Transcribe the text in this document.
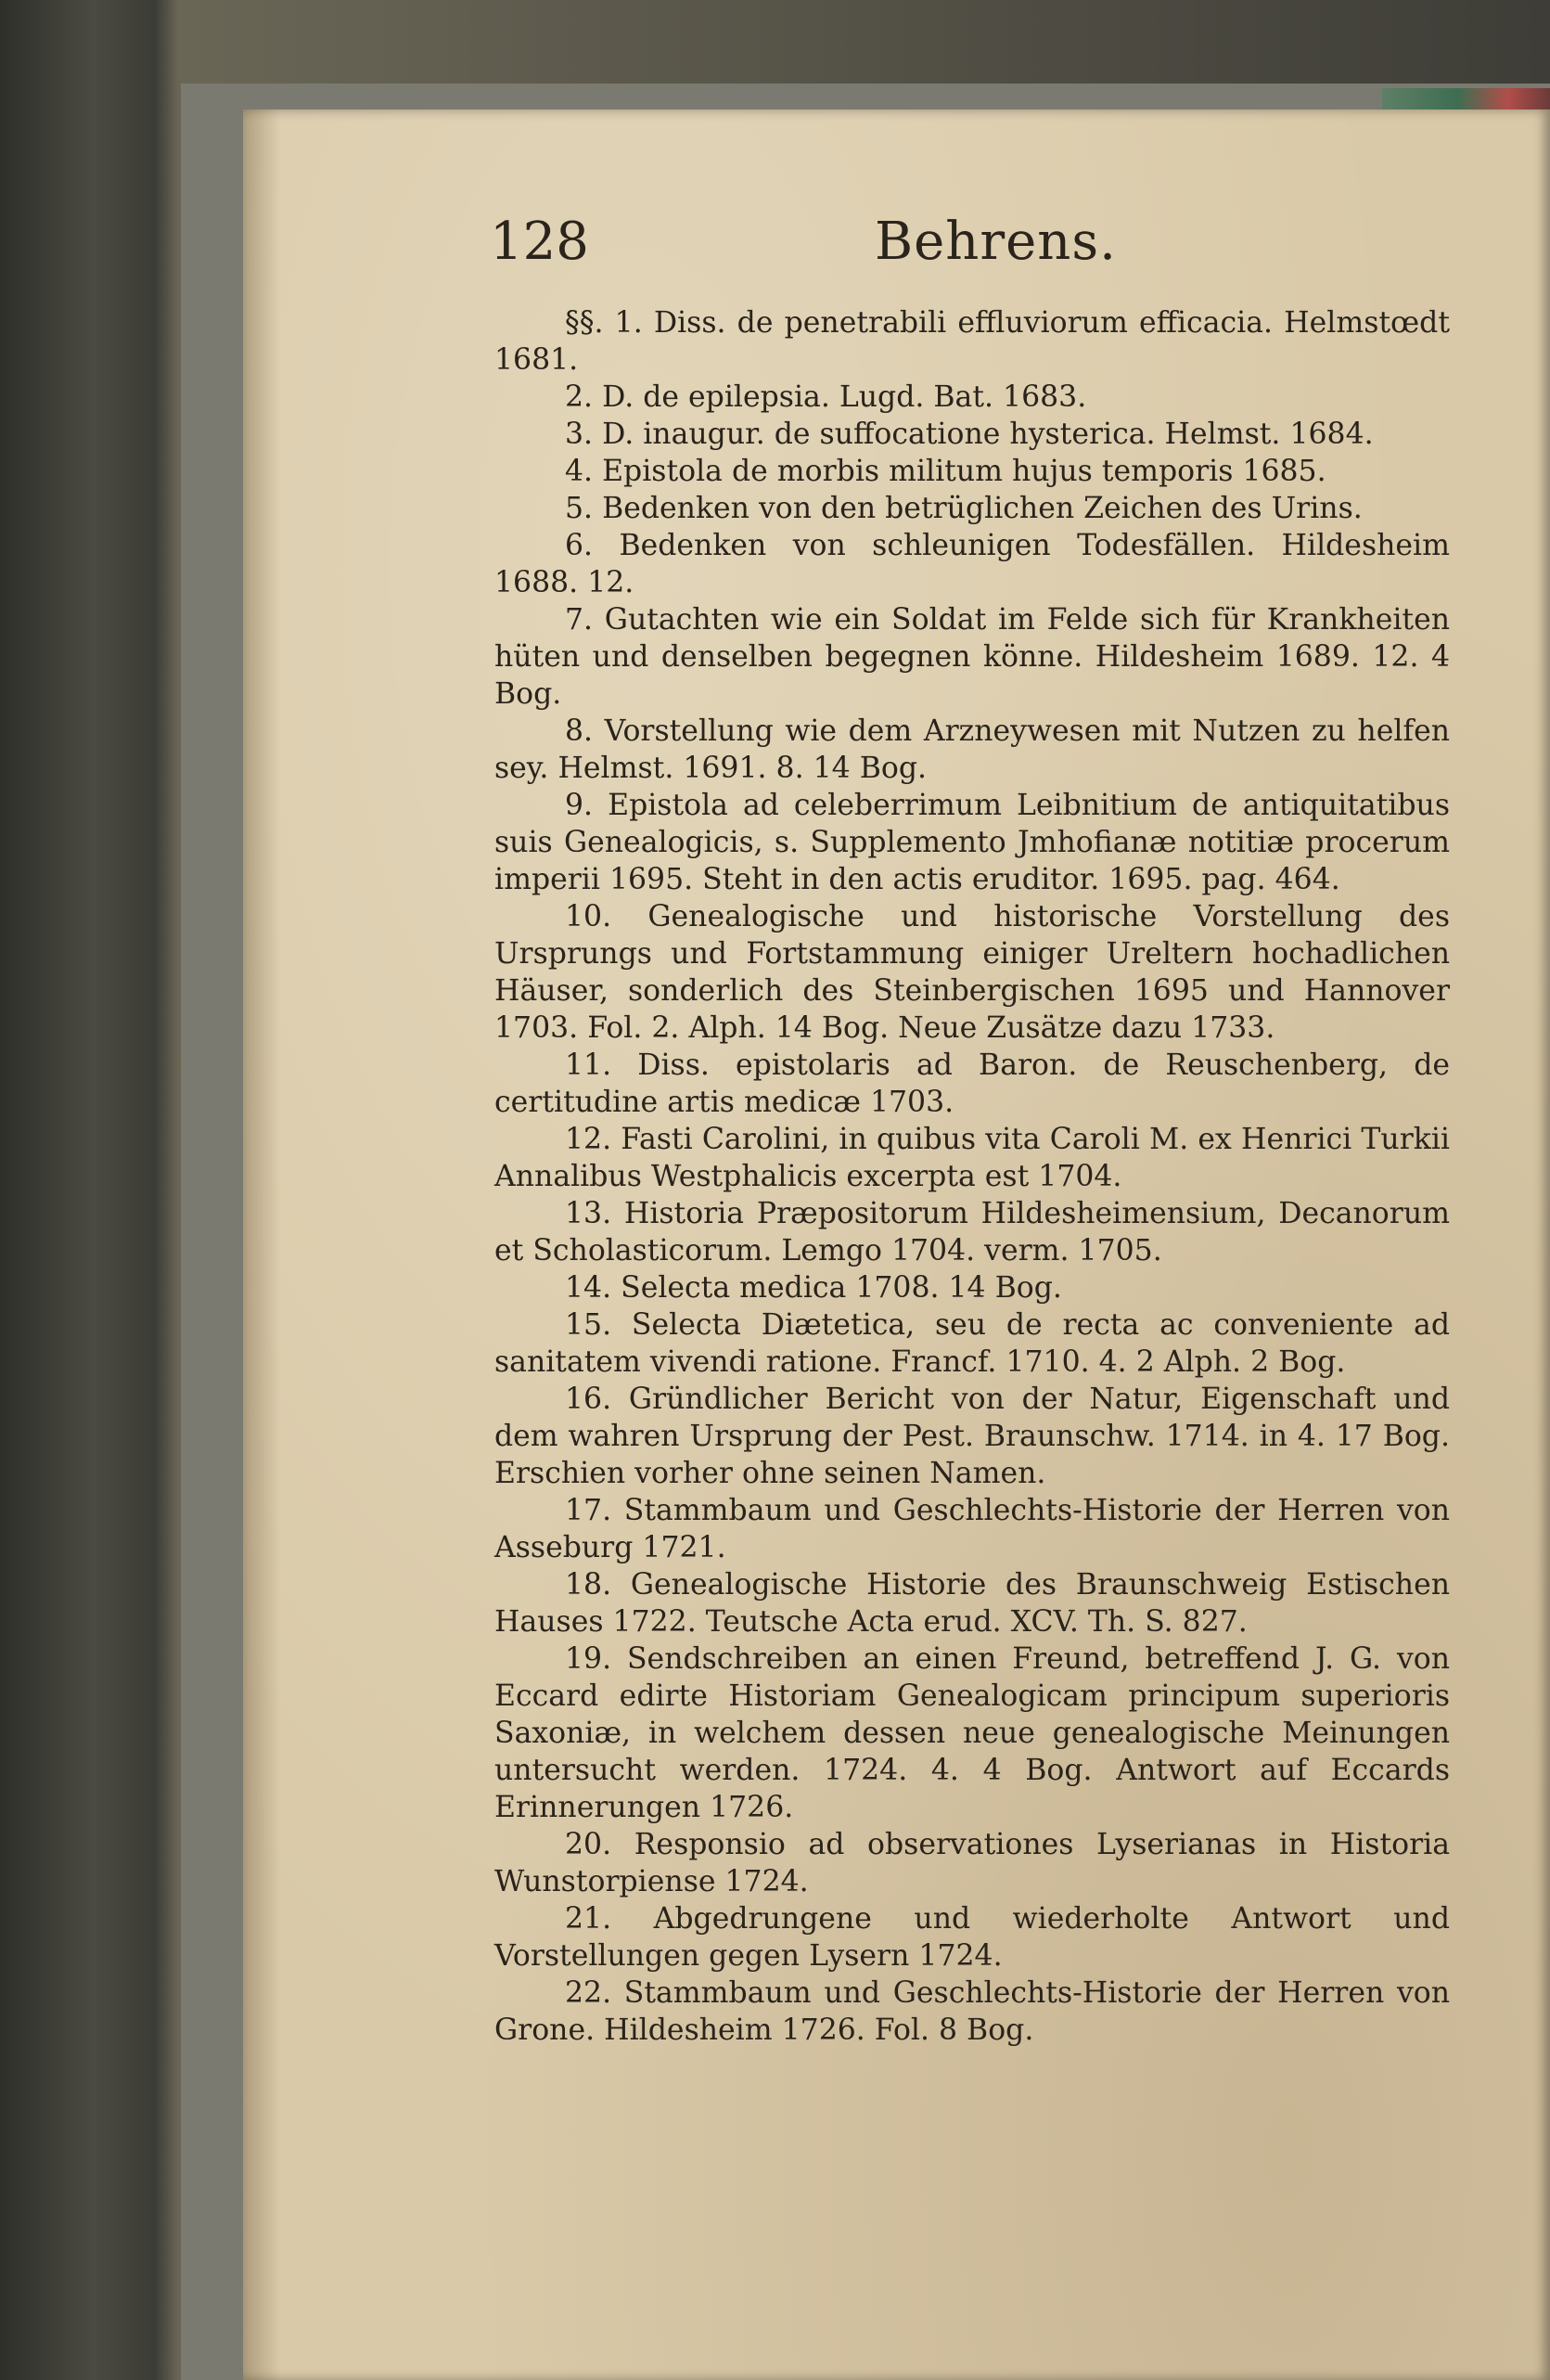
128	Behrens.

§§. 1. Diss. de penetrabili effluviorum efficacia. Helmstœdt 1681.

2. D. de epilepsia. Lugd. Bat. 1683.

3. D. inaugur. de suffocatione hysterica. Helmst. 1684.

4. Epistola de morbis militum hujus temporis 1685.

5. Bedenken von den betrüglichen Zeichen des Urins.

6. Bedenken von schleunigen Todesfällen. Hildesheim 1688. 12.

7. Gutachten wie ein Soldat im Felde sich für Krankheiten hüten und denselben begegnen könne. Hildesheim 1689. 12. 4 Bog.

8. Vorstellung wie dem Arzneywesen mit Nutzen zu helfen sey. Helmst. 1691. 8. 14 Bog.

9. Epistola ad celeberrimum Leibnitium de antiquitatibus suis Genealogicis, s. Supplemento Jmhofianæ notitiæ procerum imperii 1695. Steht in den actis eruditor. 1695. pag. 464.

10. Genealogische und historische Vorstellung des Ursprungs und Fortstammung einiger Ureltern hochadlichen Häuser, sonderlich des Steinbergischen 1695 und Hannover 1703. Fol. 2. Alph. 14 Bog. Neue Zusätze dazu 1733.

11. Diss. epistolaris ad Baron. de Reuschenberg, de certitudine artis medicæ 1703.

12. Fasti Carolini, in quibus vita Caroli M. ex Henrici Turkii Annalibus Westphalicis excerpta est 1704.

13. Historia Præpositorum Hildesheimensium, Decanorum et Scholasticorum. Lemgo 1704. verm. 1705.

14. Selecta medica 1708. 14 Bog.

15. Selecta Diætetica, seu de recta ac conveniente ad sanitatem vivendi ratione. Francf. 1710. 4. 2 Alph. 2 Bog.

16. Gründlicher Bericht von der Natur, Eigenschaft und dem wahren Ursprung der Pest. Braunschw. 1714. in 4. 17 Bog. Erschien vorher ohne seinen Namen.

17. Stammbaum und Geschlechts-Historie der Herren von Asseburg 1721.

18. Genealogische Historie des Braunschweig Estischen Hauses 1722. Teutsche Acta erud. XCV. Th. S. 827.

19. Sendschreiben an einen Freund, betreffend J. G. von Eccard edirte Historiam Genealogicam principum superioris Saxoniæ, in welchem dessen neue genealogische Meinungen untersucht werden. 1724. 4. 4 Bog. Antwort auf Eccards Erinnerungen 1726.

20. Responsio ad observationes Lyserianas in Historia Wunstorpiense 1724.

21. Abgedrungene und wiederholte Antwort und Vorstellungen gegen Lysern 1724.

22. Stammbaum und Geschlechts-Historie der Herren von Grone. Hildesheim 1726. Fol. 8 Bog.
